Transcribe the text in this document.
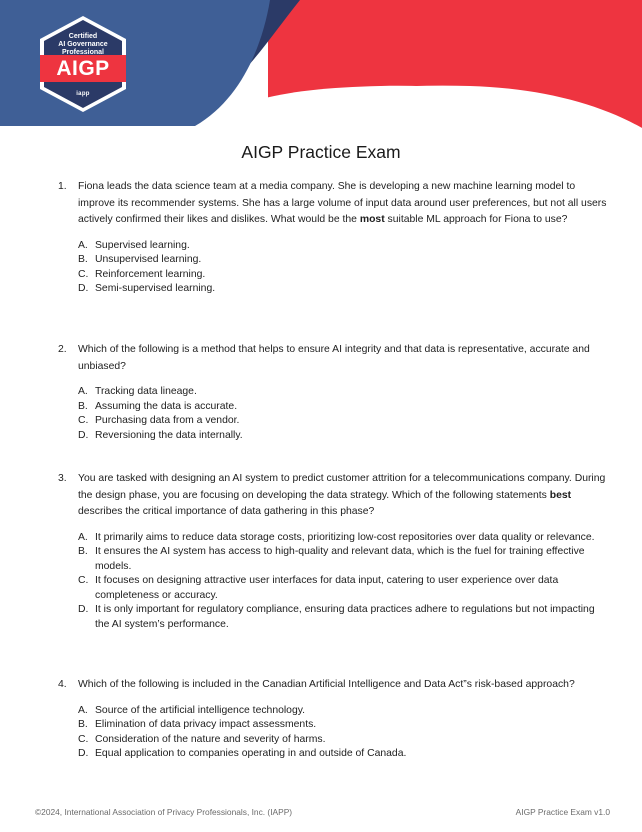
Certified
AI Governance
Professional
AIGP
iapp
AIGP Practice Exam
1. Fiona leads the data science team at a media company. She is developing a new machine learning model to improve its recommender systems. She has a large volume of input data around user preferences, but not all users actively confirmed their likes and dislikes. What would be the most suitable ML approach for Fiona to use?
A. Supervised learning.
B. Unsupervised learning.
C. Reinforcement learning.
D. Semi-supervised learning.
2. Which of the following is a method that helps to ensure AI integrity and that data is representative, accurate and unbiased?
A. Tracking data lineage.
B. Assuming the data is accurate.
C. Purchasing data from a vendor.
D. Reversioning the data internally.
3. You are tasked with designing an AI system to predict customer attrition for a telecommunications company. During the design phase, you are focusing on developing the data strategy. Which of the following statements best describes the critical importance of data gathering in this phase?
A. It primarily aims to reduce data storage costs, prioritizing low-cost repositories over data quality or relevance.
B. It ensures the AI system has access to high-quality and relevant data, which is the fuel for training effective models.
C. It focuses on designing attractive user interfaces for data input, catering to user experience over data completeness or accuracy.
D. It is only important for regulatory compliance, ensuring data practices adhere to regulations but not impacting the AI system’s performance.
4. Which of the following is included in the Canadian Artificial Intelligence and Data Act”s risk-based approach?
A. Source of the artificial intelligence technology.
B. Elimination of data privacy impact assessments.
C. Consideration of the nature and severity of harms.
D. Equal application to companies operating in and outside of Canada.
©2024, International Association of Privacy Professionals, Inc. (IAPP)	AIGP Practice Exam v1.0
